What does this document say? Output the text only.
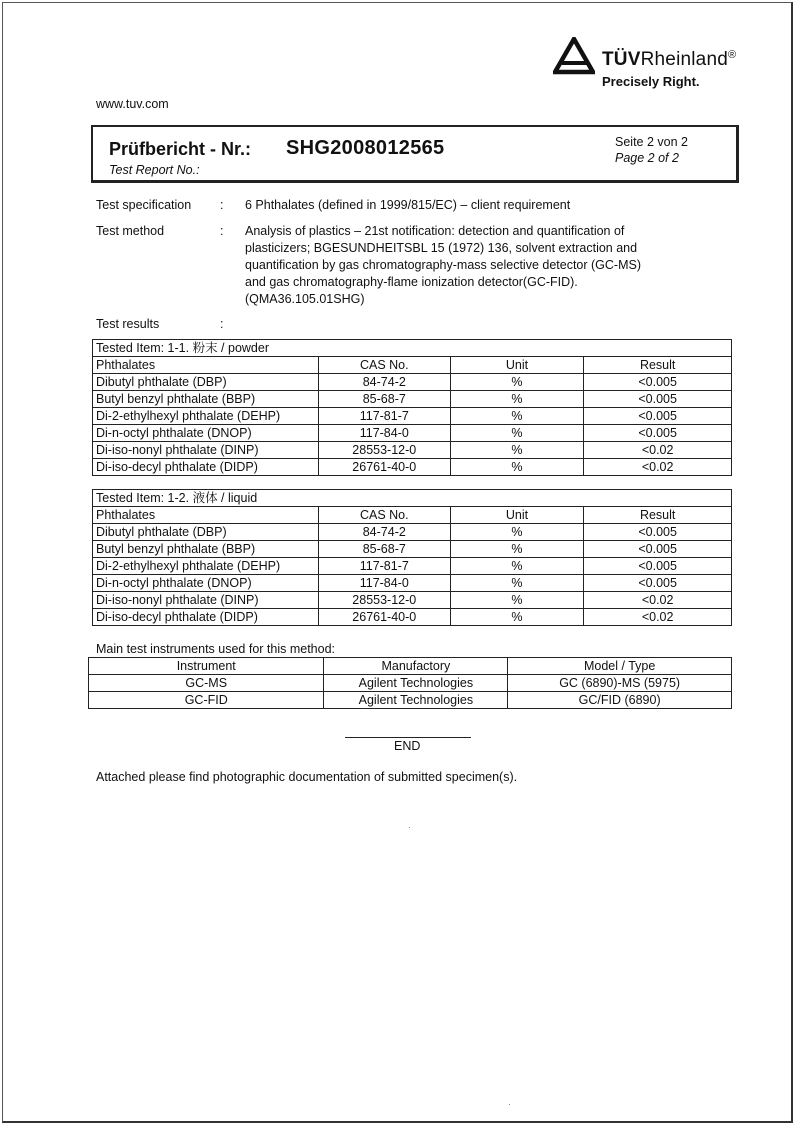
TÜVRheinland®
Precisely Right.
www.tuv.com
Prüfbericht - Nr.:
Test Report No.:
SHG2008012565	Seite 2 von 2
Page 2 of 2
Test specification : 6 Phthalates (defined in 1999/815/EC) – client requirement
Test method	: Analysis of plastics – 21st notification: detection and quantification of
plasticizers; BGESUNDHEITSBL 15 (1972) 136, solvent extraction and
quantification by gas chromatography-mass selective detector (GC-MS)
and gas chromatography-flame ionization detector(GC-FID).
(QMA36.105.01SHG)
Test results	:
Tested Item: 1-1. 粉末 / powder			
Phthalates	CAS No.	Unit	Result
Dibutyl phthalate (DBP)	84-74-2	%	<0.005
Butyl benzyl phthalate (BBP)	85-68-7	%	<0.005
Di-2-ethylhexyl phthalate (DEHP)	117-81-7	%	<0.005
Di-n-octyl phthalate (DNOP)	117-84-0	%	<0.005
Di-iso-nonyl phthalate (DINP)	28553-12-0	%	<0.02
Di-iso-decyl phthalate (DIDP)	26761-40-0	%	<0.02
Tested Item: 1-2. 液体 / liquid			
Phthalates	CAS No.	Unit	Result
Dibutyl phthalate (DBP)	84-74-2	%	<0.005
Butyl benzyl phthalate (BBP)	85-68-7	%	<0.005
Di-2-ethylhexyl phthalate (DEHP)	117-81-7	%	<0.005
Di-n-octyl phthalate (DNOP)	117-84-0	%	<0.005
Di-iso-nonyl phthalate (DINP)	28553-12-0	%	<0.02
Di-iso-decyl phthalate (DIDP)	26761-40-0	%	<0.02
Main test instruments used for this method:
Instrument	Manufactory	Model / Type
GC-MS	Agilent Technologies	GC (6890)-MS (5975)
GC-FID	Agilent Technologies	GC/FID (6890)
END
Attached please find photographic documentation of submitted specimen(s).
